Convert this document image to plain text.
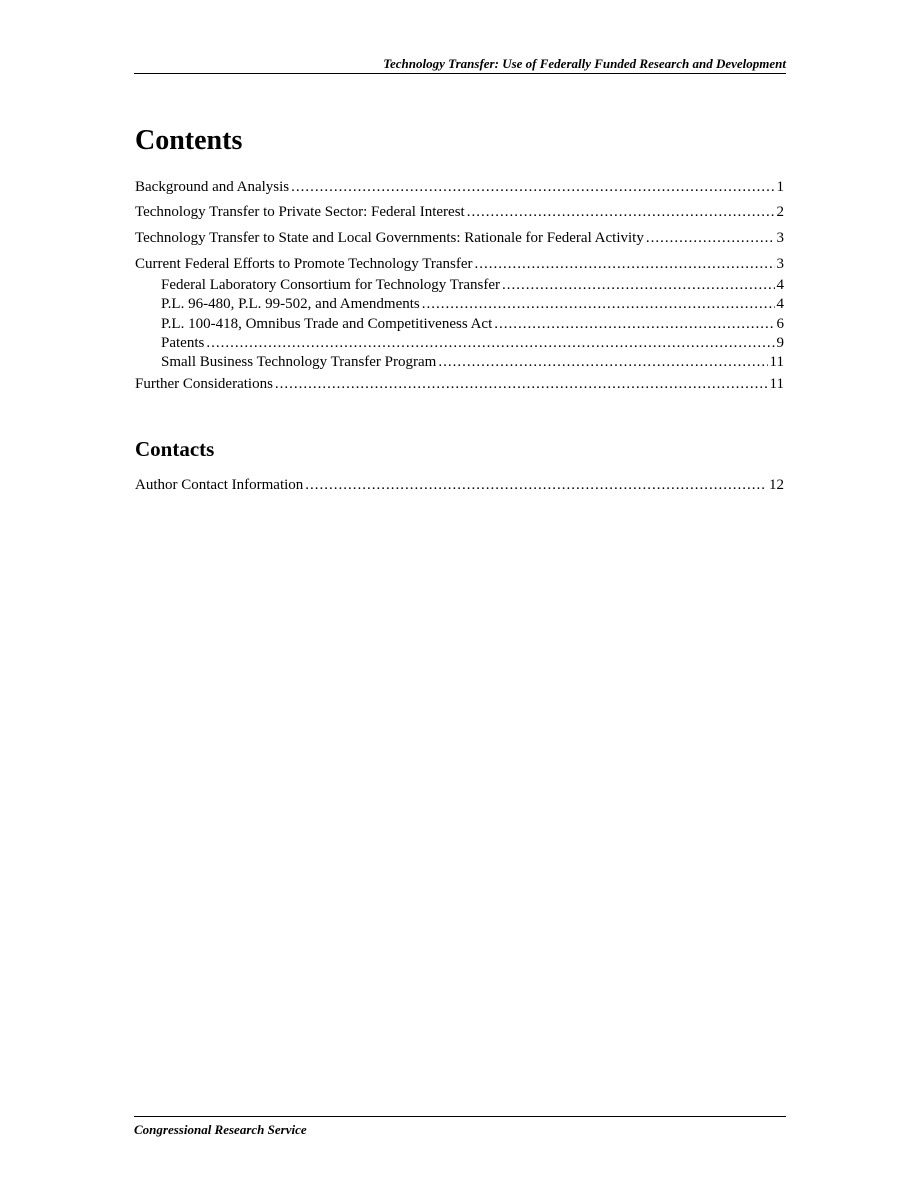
Technology Transfer: Use of Federally Funded Research and Development
Contents
Background and Analysis .....	1
Technology Transfer to Private Sector: Federal Interest .....	2
Technology Transfer to State and Local Governments: Rationale for Federal Activity .....	3
Current Federal Efforts to Promote Technology Transfer .....	3
Federal Laboratory Consortium for Technology Transfer .....	4
P.L. 96-480, P.L. 99-502, and Amendments .....	4
P.L. 100-418, Omnibus Trade and Competitiveness Act .....	6
Patents .....	9
Small Business Technology Transfer Program .....	11
Further Considerations .....	11
Contacts
Author Contact Information .....	12
Congressional Research Service
